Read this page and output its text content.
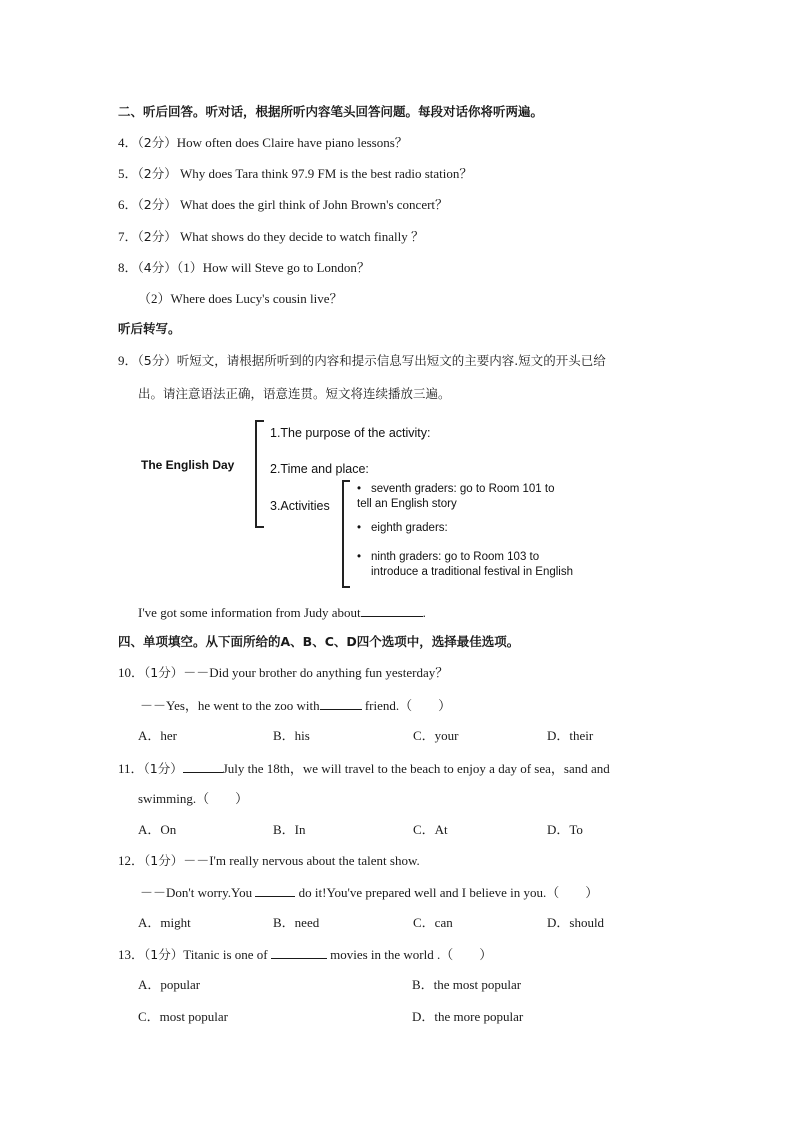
二、听后回答。听对话，根据所听内容笔头回答问题。每段对话你将听两遍。
4．（2分）How often does Claire have piano lessons？
5．（2分） Why does Tara think 97.9 FM is the best radio station？
6．（2分） What does the girl think of John Brown's concert？
7．（2分） What shows do they decide to watch finally ？
8．（4分）（1）How will Steve go to London？
（2）Where does Lucy's cousin live？
听后转写。
9．（5分）听短文，请根据所听到的内容和提示信息写出短文的主要内容.短文的开头已给
出。请注意语法正确，语意连贯。短文将连续播放三遍。
The English Day
1.The purpose of the activity:
2.Time and place:
3.Activities
• seventh graders: go to Room 101 to
tell an English story
• eighth graders:
• ninth graders: go to Room 103 to
introduce a traditional festival in English
I've got some information from Judy about	.
四、单项填空。从下面所给的A、B、C、D四个选项中，选择最佳选项。
10．（1分）－－Did your brother do anything fun yesterday？
－－Yes，he went to the zoo with	friend.（　　）
A．her	B．his	C．your	D．their
11．（1分）	July the 18th，we will travel to the beach to enjoy a day of sea，sand and
swimming.（　　）
A．On	B．In	C．At	D．To
12．（1分）－－I'm really nervous about the talent show.
－－Don't worry.You	do it!You've prepared well and I believe in you.（　　）
A．might	B．need	C．can	D．should
13．（1分）Titanic is one of	movies in the world .（　　）
A．popular	B．the most popular
C．most popular	D．the more popular
